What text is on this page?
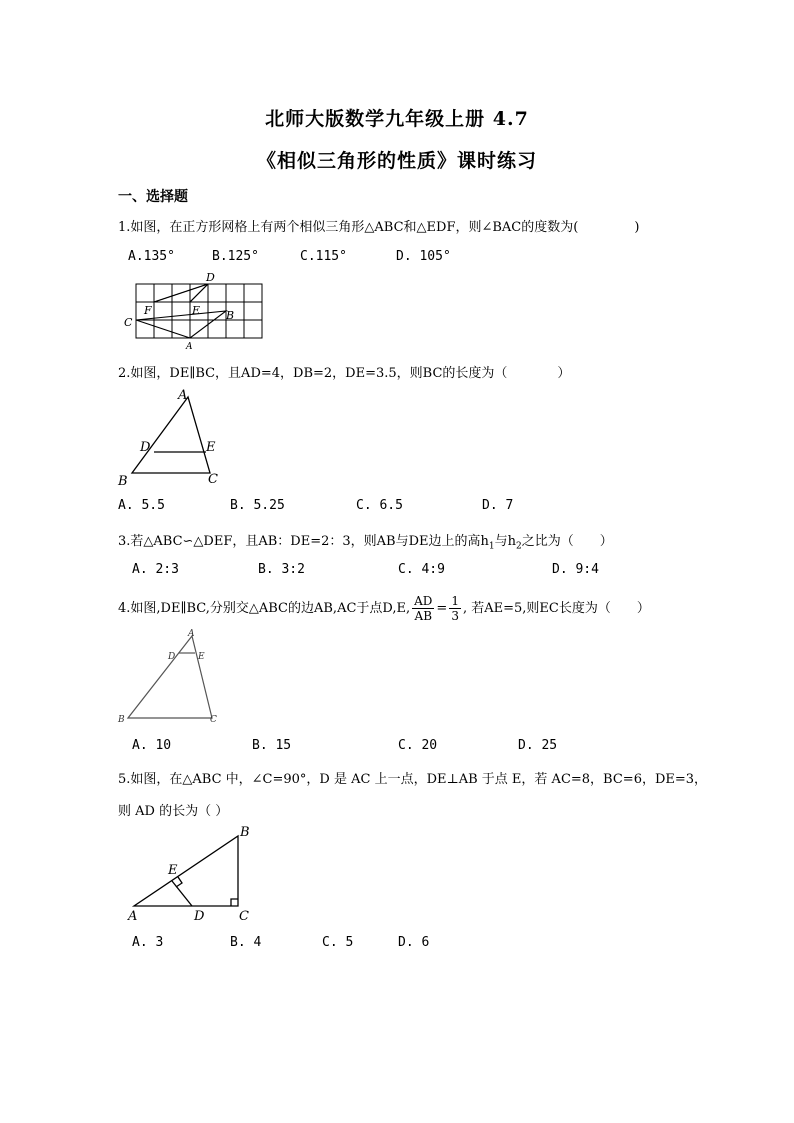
北师大版数学九年级上册 4.7
《相似三角形的性质》课时练习
一、选择题
1.如图，在正方形网格上有两个相似三角形△ABC和△EDF，则∠BAC的度数为(	)
A.135°	B.125°	C.115°	D. 105°
D
F	E B
C
A
2.如图，DE∥BC，且AD=4，DB=2，DE=3.5，则BC的长度为（	）
A
D	E
B	C
A. 5.5	B. 5.25	C. 6.5	D. 7
3.若△ABC∽△DEF，且AB：DE=2：3，则AB与DE边上的高$h_1$与$h_2$之比为（ ）
A. 2:3	B. 3:2	C. 4:9	D. 9:4
4.如图,DE∥BC,分别交△ABC的边AB,AC于点D,E, $\frac{AD}{AB} = \frac{1}{3}$ , 若AE=5,则EC长度为（ ）
A
D	E
B	C
A. 10	B. 15	C. 20	D. 25
5.如图，在△ABC 中，∠C=90°，D 是 AC 上一点，DE⊥AB 于点 E，若 AC=8，BC=6，DE=3，
则 AD 的长为（ ）
B
E
A	D	C
A. 3	B. 4	C. 5	D. 6
